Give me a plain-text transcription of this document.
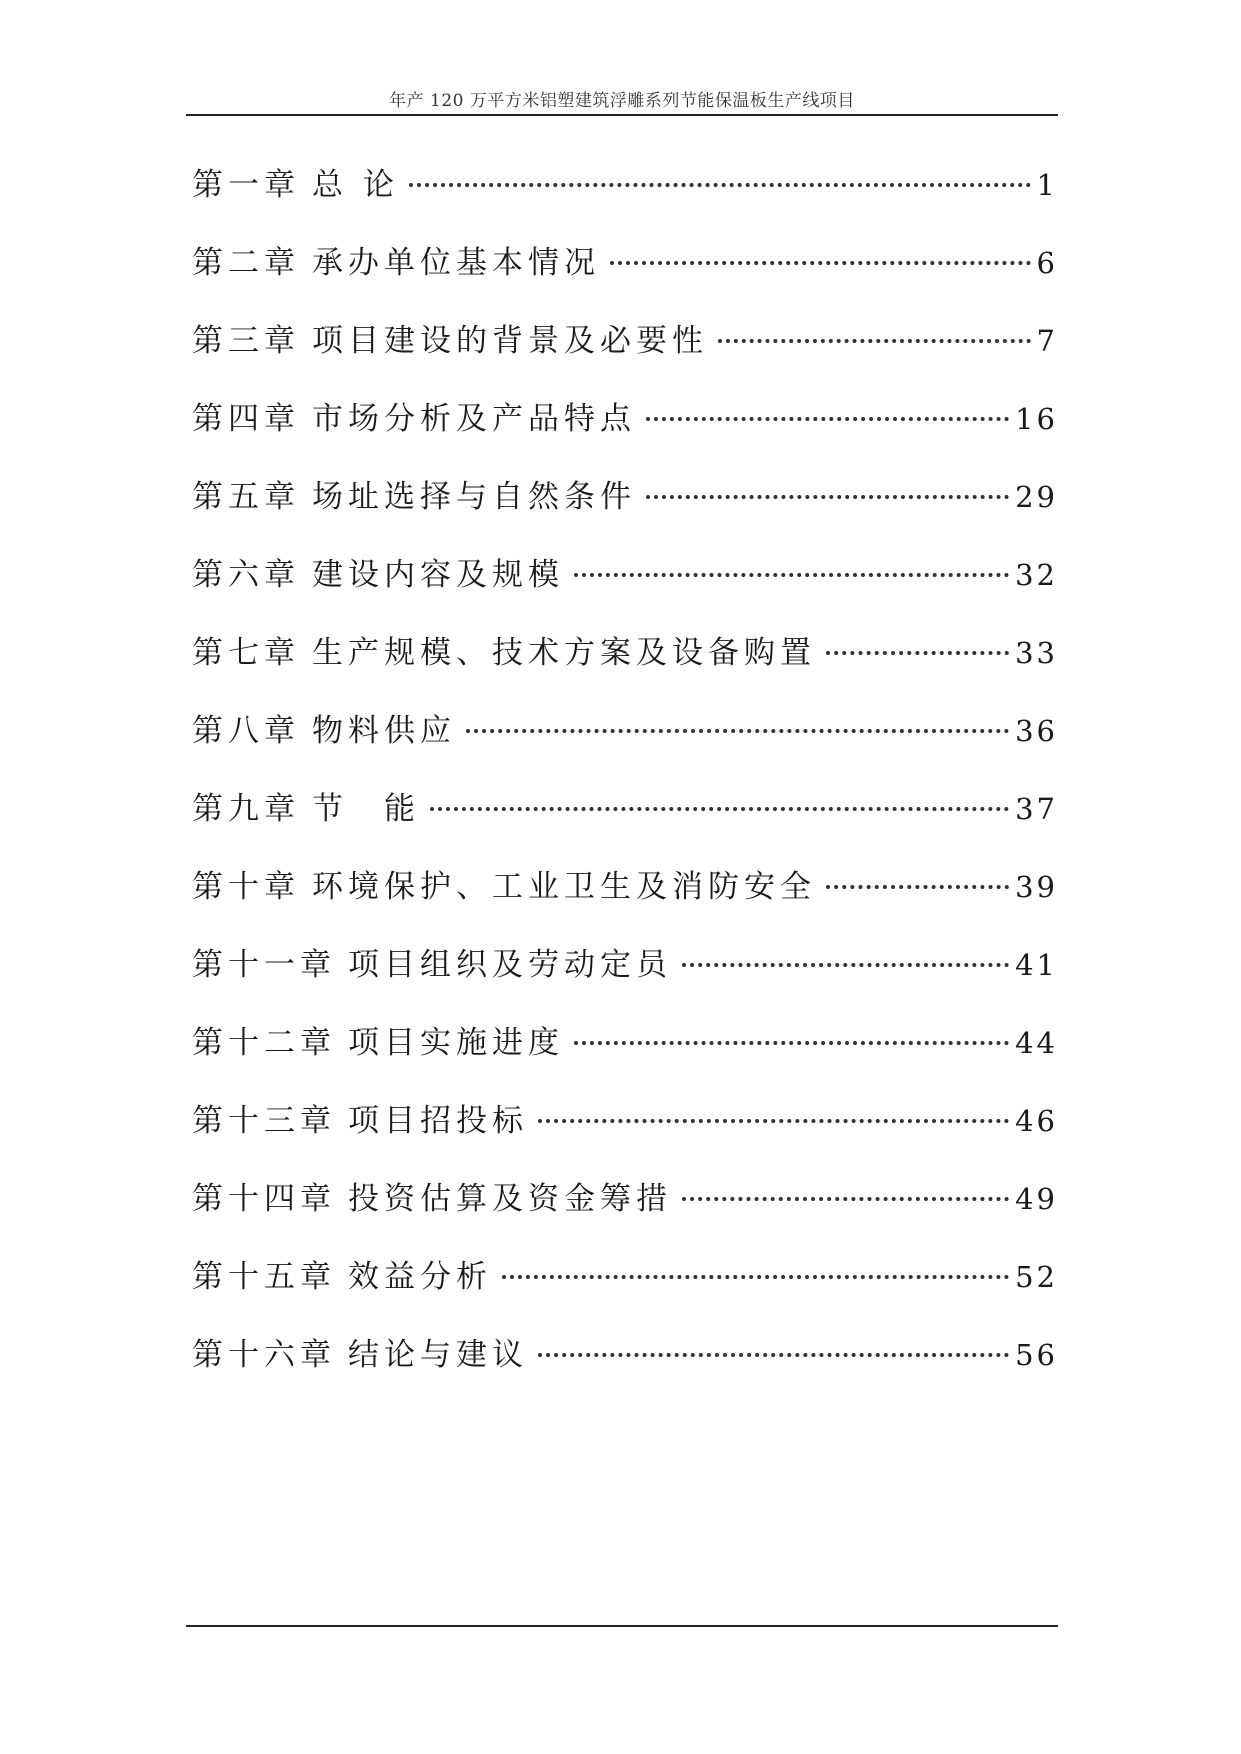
年产 120 万平方米铝塑建筑浮雕系列节能保温板生产线项目
第一章 总 论	1
第二章 承办单位基本情况	6
第三章 项目建设的背景及必要性	7
第四章 市场分析及产品特点	16
第五章 场址选择与自然条件	29
第六章 建设内容及规模	32
第七章 生产规模、技术方案及设备购置	33
第八章 物料供应	36
第九章 节　能	37
第十章 环境保护、工业卫生及消防安全	39
第十一章 项目组织及劳动定员	41
第十二章 项目实施进度	44
第十三章 项目招投标	46
第十四章 投资估算及资金筹措	49
第十五章 效益分析	52
第十六章 结论与建议	56
